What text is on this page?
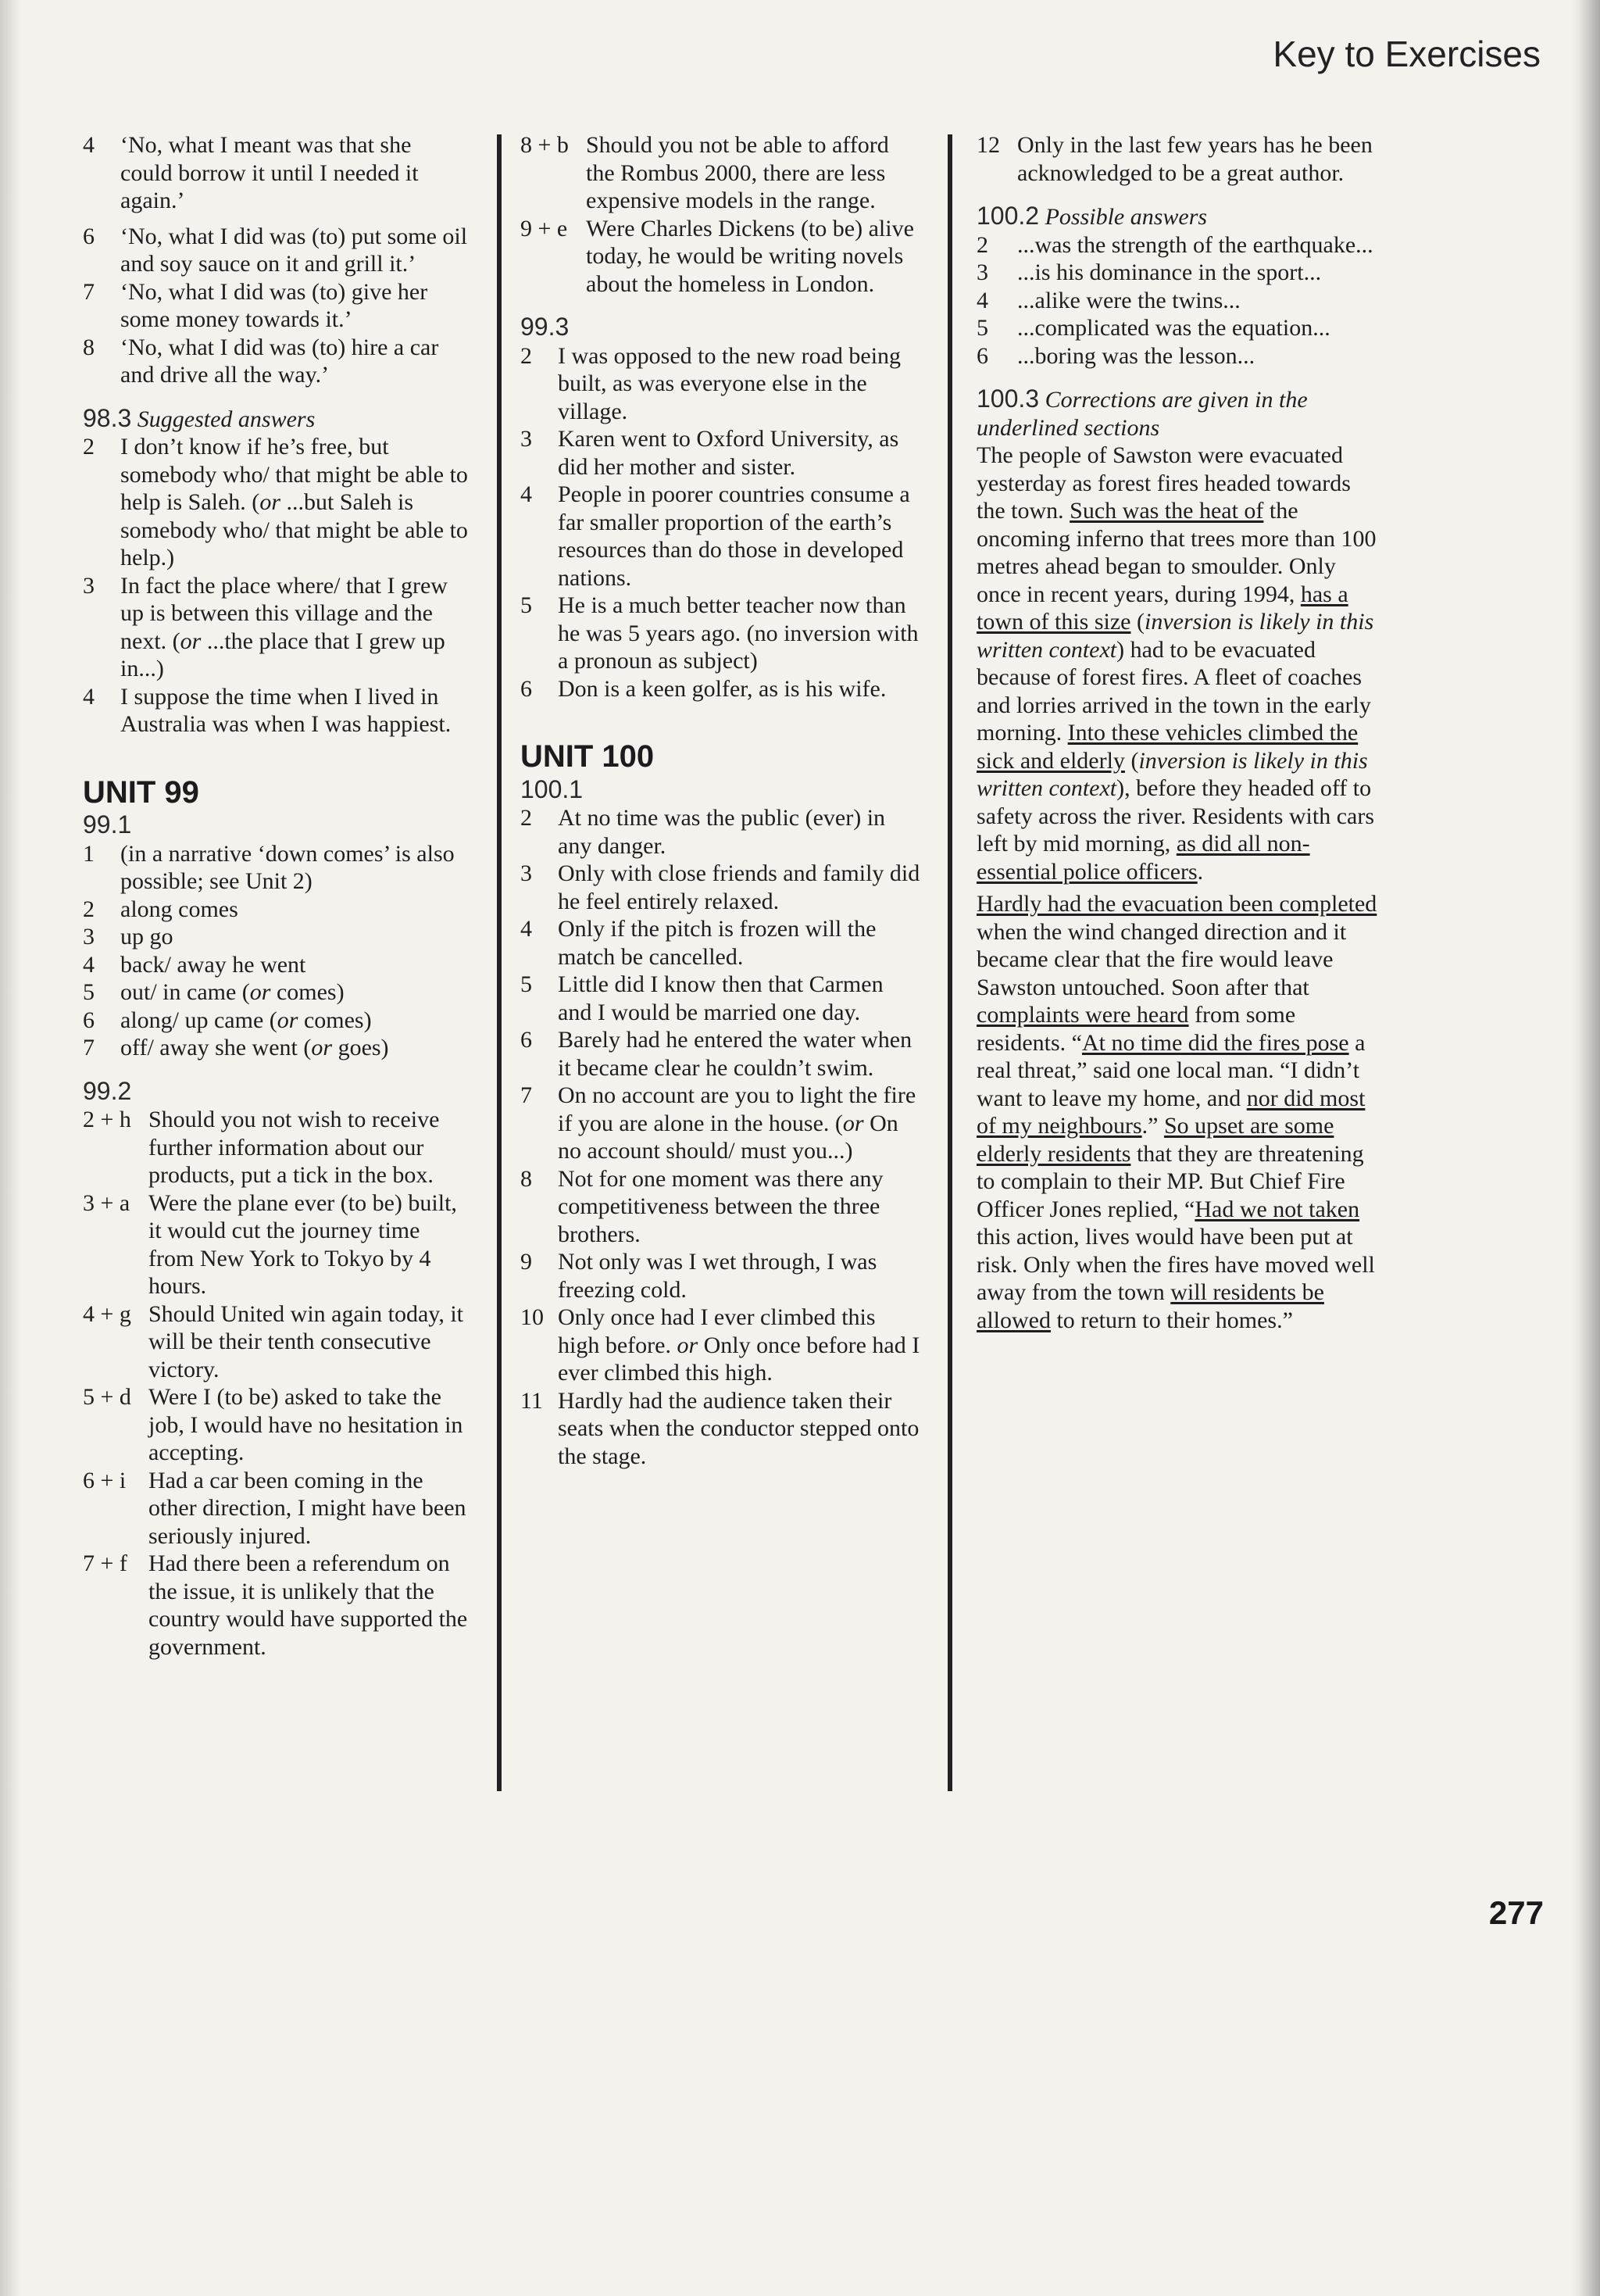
Key to Exercises
4 ‘No, what I meant was that she could borrow it until I needed it again.’
6 ‘No, what I did was (to) put some oil and soy sauce on it and grill it.’
7 ‘No, what I did was (to) give her some money towards it.’
8 ‘No, what I did was (to) hire a car and drive all the way.’
98.3 Suggested answers
2 I don’t know if he’s free, but somebody who/ that might be able to help is Saleh. (or ...but Saleh is somebody who/ that might be able to help.)
3 In fact the place where/ that I grew up is between this village and the next. (or ...the place that I grew up in...)
4 I suppose the time when I lived in Australia was when I was happiest.
UNIT 99
99.1
1 (in a narrative ‘down comes’ is also possible; see Unit 2)
2 along comes
3 up go
4 back/ away he went
5 out/ in came (or comes)
6 along/ up came (or comes)
7 off/ away she went (or goes)
99.2
2 + h Should you not wish to receive further information about our products, put a tick in the box.
3 + a Were the plane ever (to be) built, it would cut the journey time from New York to Tokyo by 4 hours.
4 + g Should United win again today, it will be their tenth consecutive victory.
5 + d Were I (to be) asked to take the job, I would have no hesitation in accepting.
6 + i Had a car been coming in the other direction, I might have been seriously injured.
7 + f Had there been a referendum on the issue, it is unlikely that the country would have supported the government.
8 + b Should you not be able to afford the Rombus 2000, there are less expensive models in the range.
9 + e Were Charles Dickens (to be) alive today, he would be writing novels about the homeless in London.
99.3
2 I was opposed to the new road being built, as was everyone else in the village.
3 Karen went to Oxford University, as did her mother and sister.
4 People in poorer countries consume a far smaller proportion of the earth’s resources than do those in developed nations.
5 He is a much better teacher now than he was 5 years ago. (no inversion with a pronoun as subject)
6 Don is a keen golfer, as is his wife.
UNIT 100
100.1
2 At no time was the public (ever) in any danger.
3 Only with close friends and family did he feel entirely relaxed.
4 Only if the pitch is frozen will the match be cancelled.
5 Little did I know then that Carmen and I would be married one day.
6 Barely had he entered the water when it became clear he couldn’t swim.
7 On no account are you to light the fire if you are alone in the house. (or On no account should/ must you...)
8 Not for one moment was there any competitiveness between the three brothers.
9 Not only was I wet through, I was freezing cold.
10 Only once had I ever climbed this high before. or Only once before had I ever climbed this high.
11 Hardly had the audience taken their seats when the conductor stepped onto the stage.
12 Only in the last few years has he been acknowledged to be a great author.
100.2 Possible answers
2 ...was the strength of the earthquake...
3 ...is his dominance in the sport...
4 ...alike were the twins...
5 ...complicated was the equation...
6 ...boring was the lesson...
100.3 Corrections are given in the underlined sections

The people of Sawston were evacuated yesterday as forest fires headed towards the town. Such was the heat of the oncoming inferno that trees more than 100 metres ahead began to smoulder. Only once in recent years, during 1994, has a town of this size (inversion is likely in this written context) had to be evacuated because of forest fires. A fleet of coaches and lorries arrived in the town in the early morning. Into these vehicles climbed the sick and elderly (inversion is likely in this written context), before they headed off to safety across the river. Residents with cars left by mid morning, as did all non-essential police officers.

Hardly had the evacuation been completed when the wind changed direction and it became clear that the fire would leave Sawston untouched. Soon after that complaints were heard from some residents. “At no time did the fires pose a real threat,” said one local man. “I didn’t want to leave my home, and nor did most of my neighbours.” So upset are some elderly residents that they are threatening to complain to their MP. But Chief Fire Officer Jones replied, “Had we not taken this action, lives would have been put at risk. Only when the fires have moved well away from the town will residents be allowed to return to their homes.”

277
